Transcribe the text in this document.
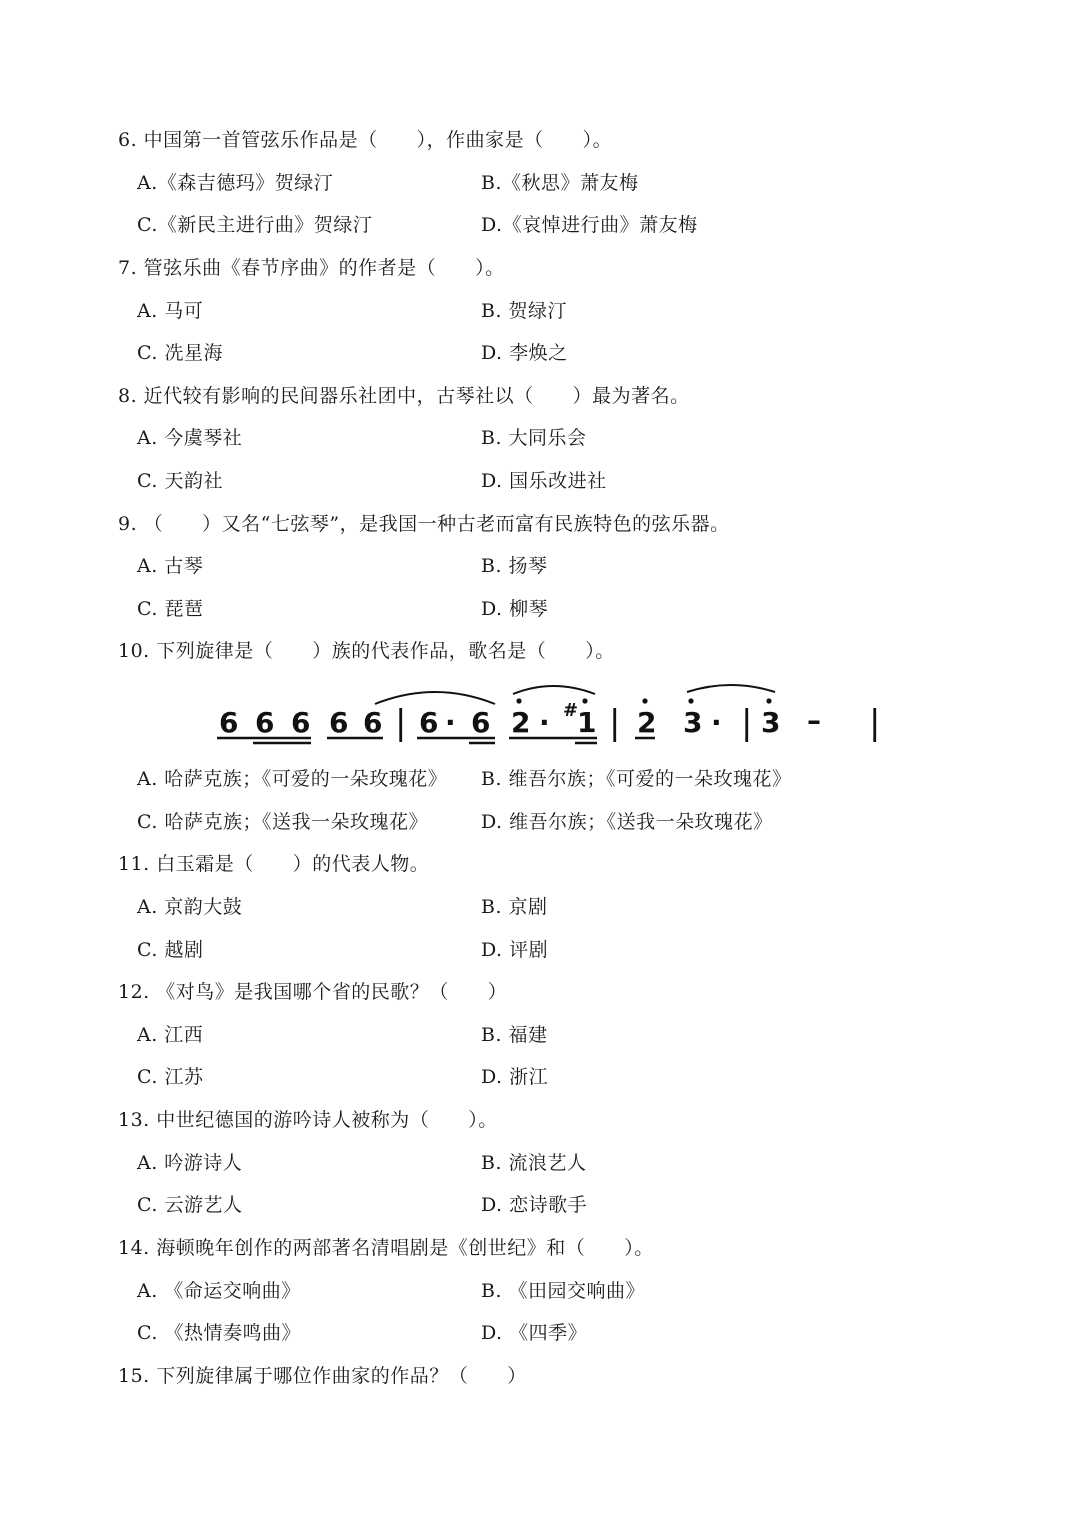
6. 中国第一首管弦乐作品是（　　），作曲家是（　　）。
A.《森吉德玛》贺绿汀	B.《秋思》萧友梅
C.《新民主进行曲》贺绿汀	D.《哀悼进行曲》萧友梅
7. 管弦乐曲《春节序曲》的作者是（　　）。
A. 马可	B. 贺绿汀
C. 冼星海	D. 李焕之
8. 近代较有影响的民间器乐社团中，古琴社以（　　）最为著名。
A. 今虞琴社	B. 大同乐会
C. 天韵社	D. 国乐改进社
9. （　　）又名“七弦琴”，是我国一种古老而富有民族特色的弦乐器。
A. 古琴	B. 扬琴
C. 琵琶	D. 柳琴
10. 下列旋律是（　　）族的代表作品，歌名是（　　）。
6 6 6 6 6 | 6 · 6 2 · #
1 | 2 3 · | 3 – |
A. 哈萨克族；《可爱的一朵玫瑰花》 B. 维吾尔族；《可爱的一朵玫瑰花》
C. 哈萨克族；《送我一朵玫瑰花》	D. 维吾尔族；《送我一朵玫瑰花》
11. 白玉霜是（　　）的代表人物。
A. 京韵大鼓	B. 京剧
C. 越剧	D. 评剧
12. 《对鸟》是我国哪个省的民歌？（　　）
A. 江西	B. 福建
C. 江苏	D. 浙江
13. 中世纪德国的游吟诗人被称为（　　）。
A. 吟游诗人	B. 流浪艺人
C. 云游艺人	D. 恋诗歌手
14. 海顿晚年创作的两部著名清唱剧是《创世纪》和（　　）。
A. 《命运交响曲》	B. 《田园交响曲》
C. 《热情奏鸣曲》	D. 《四季》
15. 下列旋律属于哪位作曲家的作品？（　　）
